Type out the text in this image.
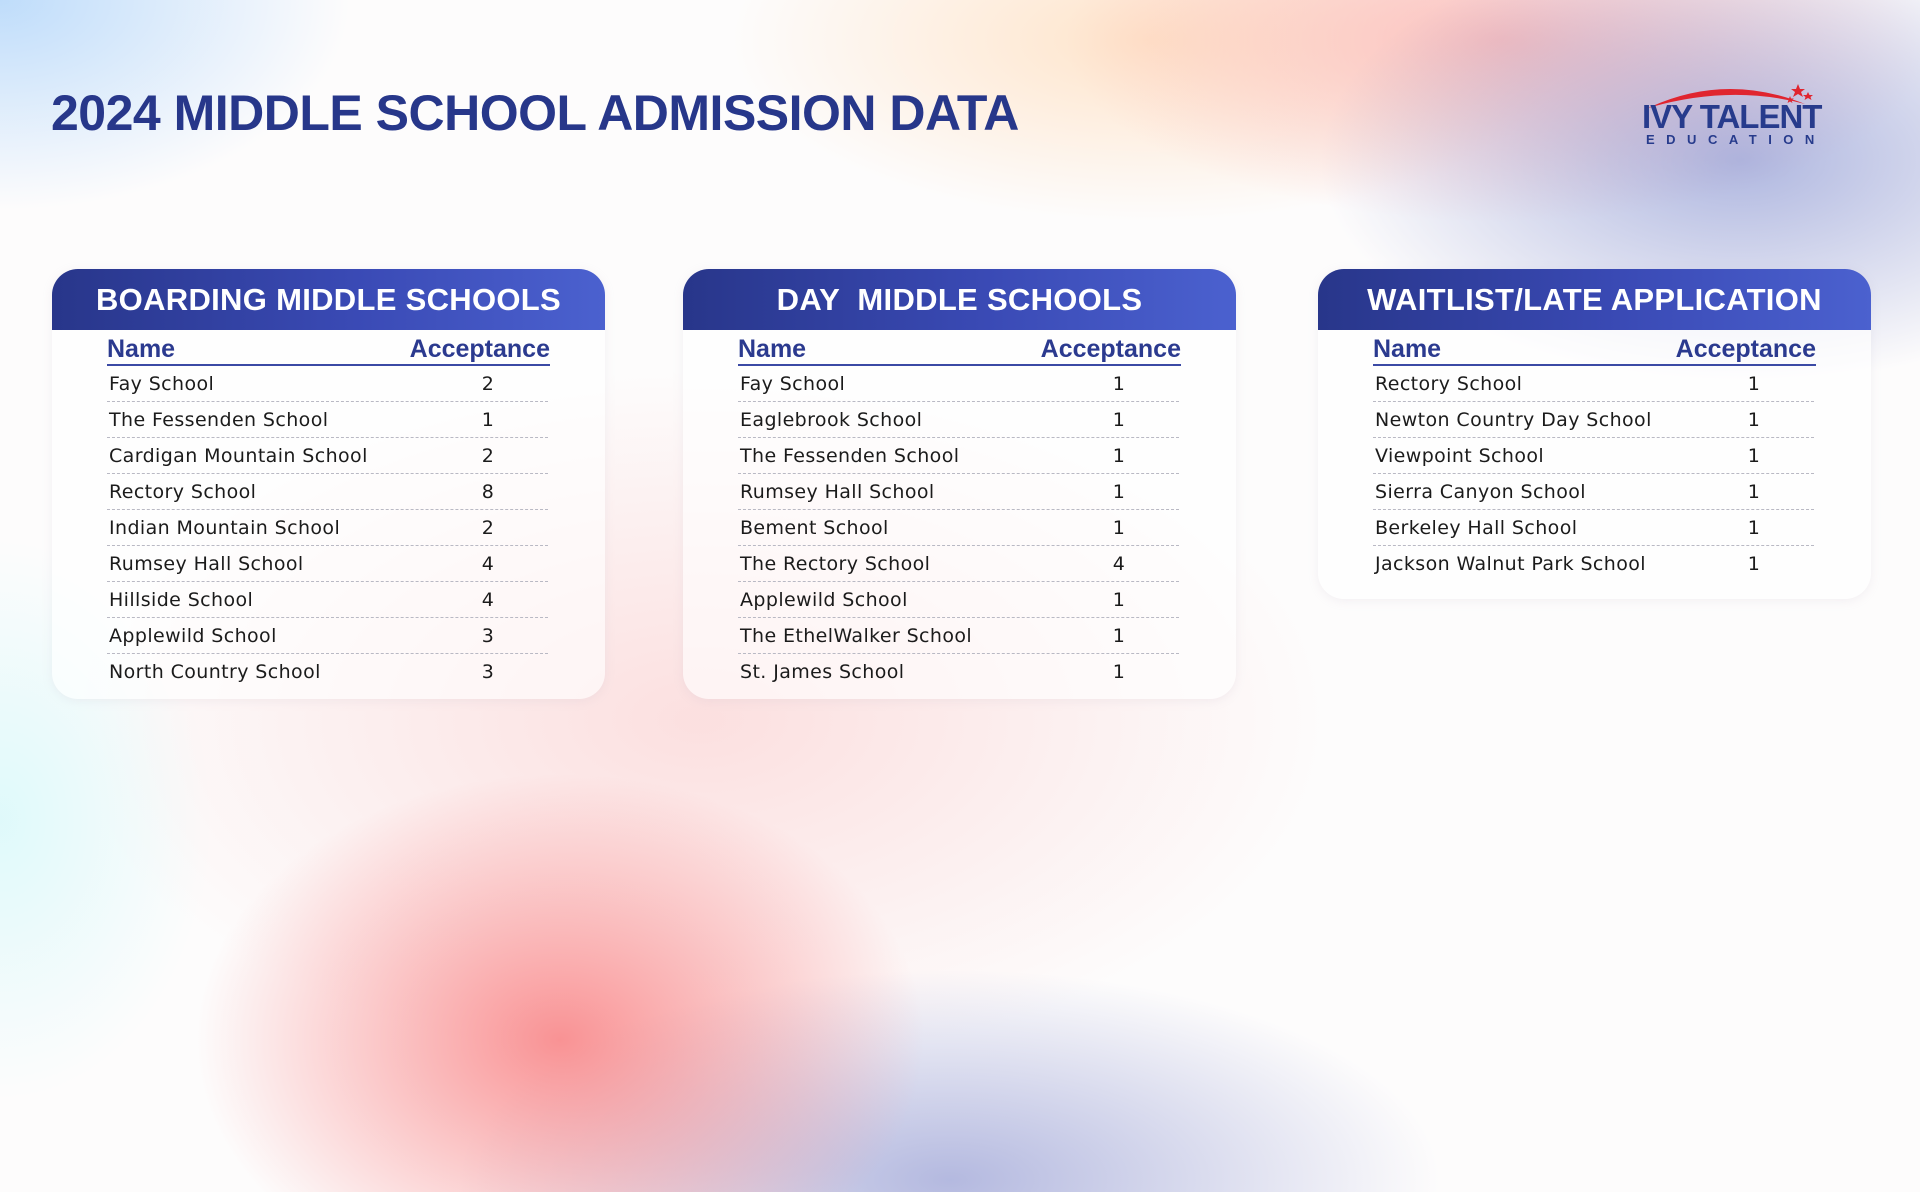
2024 MIDDLE SCHOOL ADMISSION DATA	IVY TALENT
EDUCATION
BOARDING MIDDLE SCHOOLS
Name	Acceptance
Fay School	2
The Fessenden School	1
Cardigan Mountain School	2
Rectory School	8
Indian Mountain School	2
Rumsey Hall School	4
Hillside School	4
Applewild School	3
North Country School	3
DAY  MIDDLE SCHOOLS
Name	Acceptance
Fay School	1
Eaglebrook School	1
The Fessenden School	1
Rumsey Hall School	1
Bement School	1
The Rectory School	4
Applewild School	1
The EthelWalker School	1
St. James School	1
WAITLIST/LATE APPLICATION
Name	Acceptance
Rectory School	1
Newton Country Day School	1
Viewpoint School	1
Sierra Canyon School	1
Berkeley Hall School	1
Jackson Walnut Park School	1
